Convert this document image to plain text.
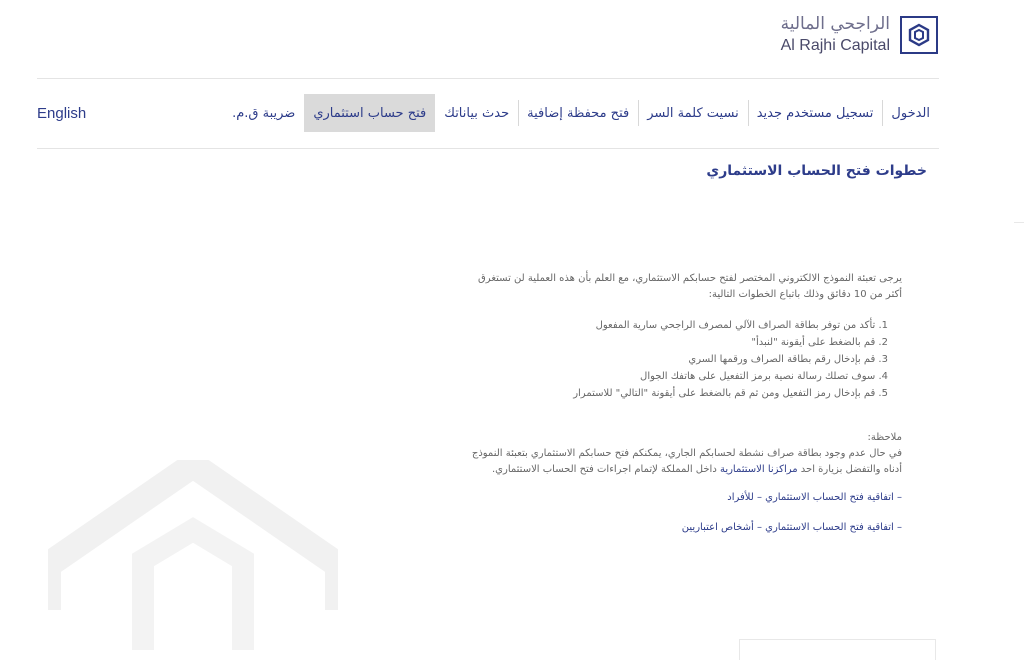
الراجحي المالية
Al Rajhi Capital
الدخول
تسجيل مستخدم جديد
نسيت كلمة السر
فتح محفظة إضافية
حدث بياناتك
فتح حساب استثماري
ضريبة ق.م.
English
خطوات فتح الحساب الاستثماري

يرجى تعبئة النموذج الالكتروني المختصر لفتح حسابكم الاستثماري، مع العلم بأن هذه العملية لن تستغرق

أكثر من 10 دقائق وذلك باتباع الخطوات التالية:

1. تأكد من توفر بطاقة الصراف الآلي لمصرف الراجحي سارية المفعول
2. قم بالضغط على أيقونة "لنبدأ"
3. قم بإدخال رقم بطاقة الصراف ورقمها السري
4. سوف تصلك رسالة نصية برمز التفعيل على هاتفك الجوال
5. قم بإدخال رمز التفعيل ومن ثم قم بالضغط على أيقونة "التالي" للاستمرار

ملاحظة:

في حال عدم وجود بطاقة صراف نشطة لحسابكم الجاري، يمكنكم فتح حسابكم الاستثماري بتعبئة النموذج

أدناه والتفضل بزيارة احد مراكزنا الاستثمارية داخل المملكة لإتمام اجراءات فتح الحساب الاستثماري.

– اتفاقية فتح الحساب الاستثماري – للأفراد
– اتفاقية فتح الحساب الاستثماري – أشخاص اعتباريين
